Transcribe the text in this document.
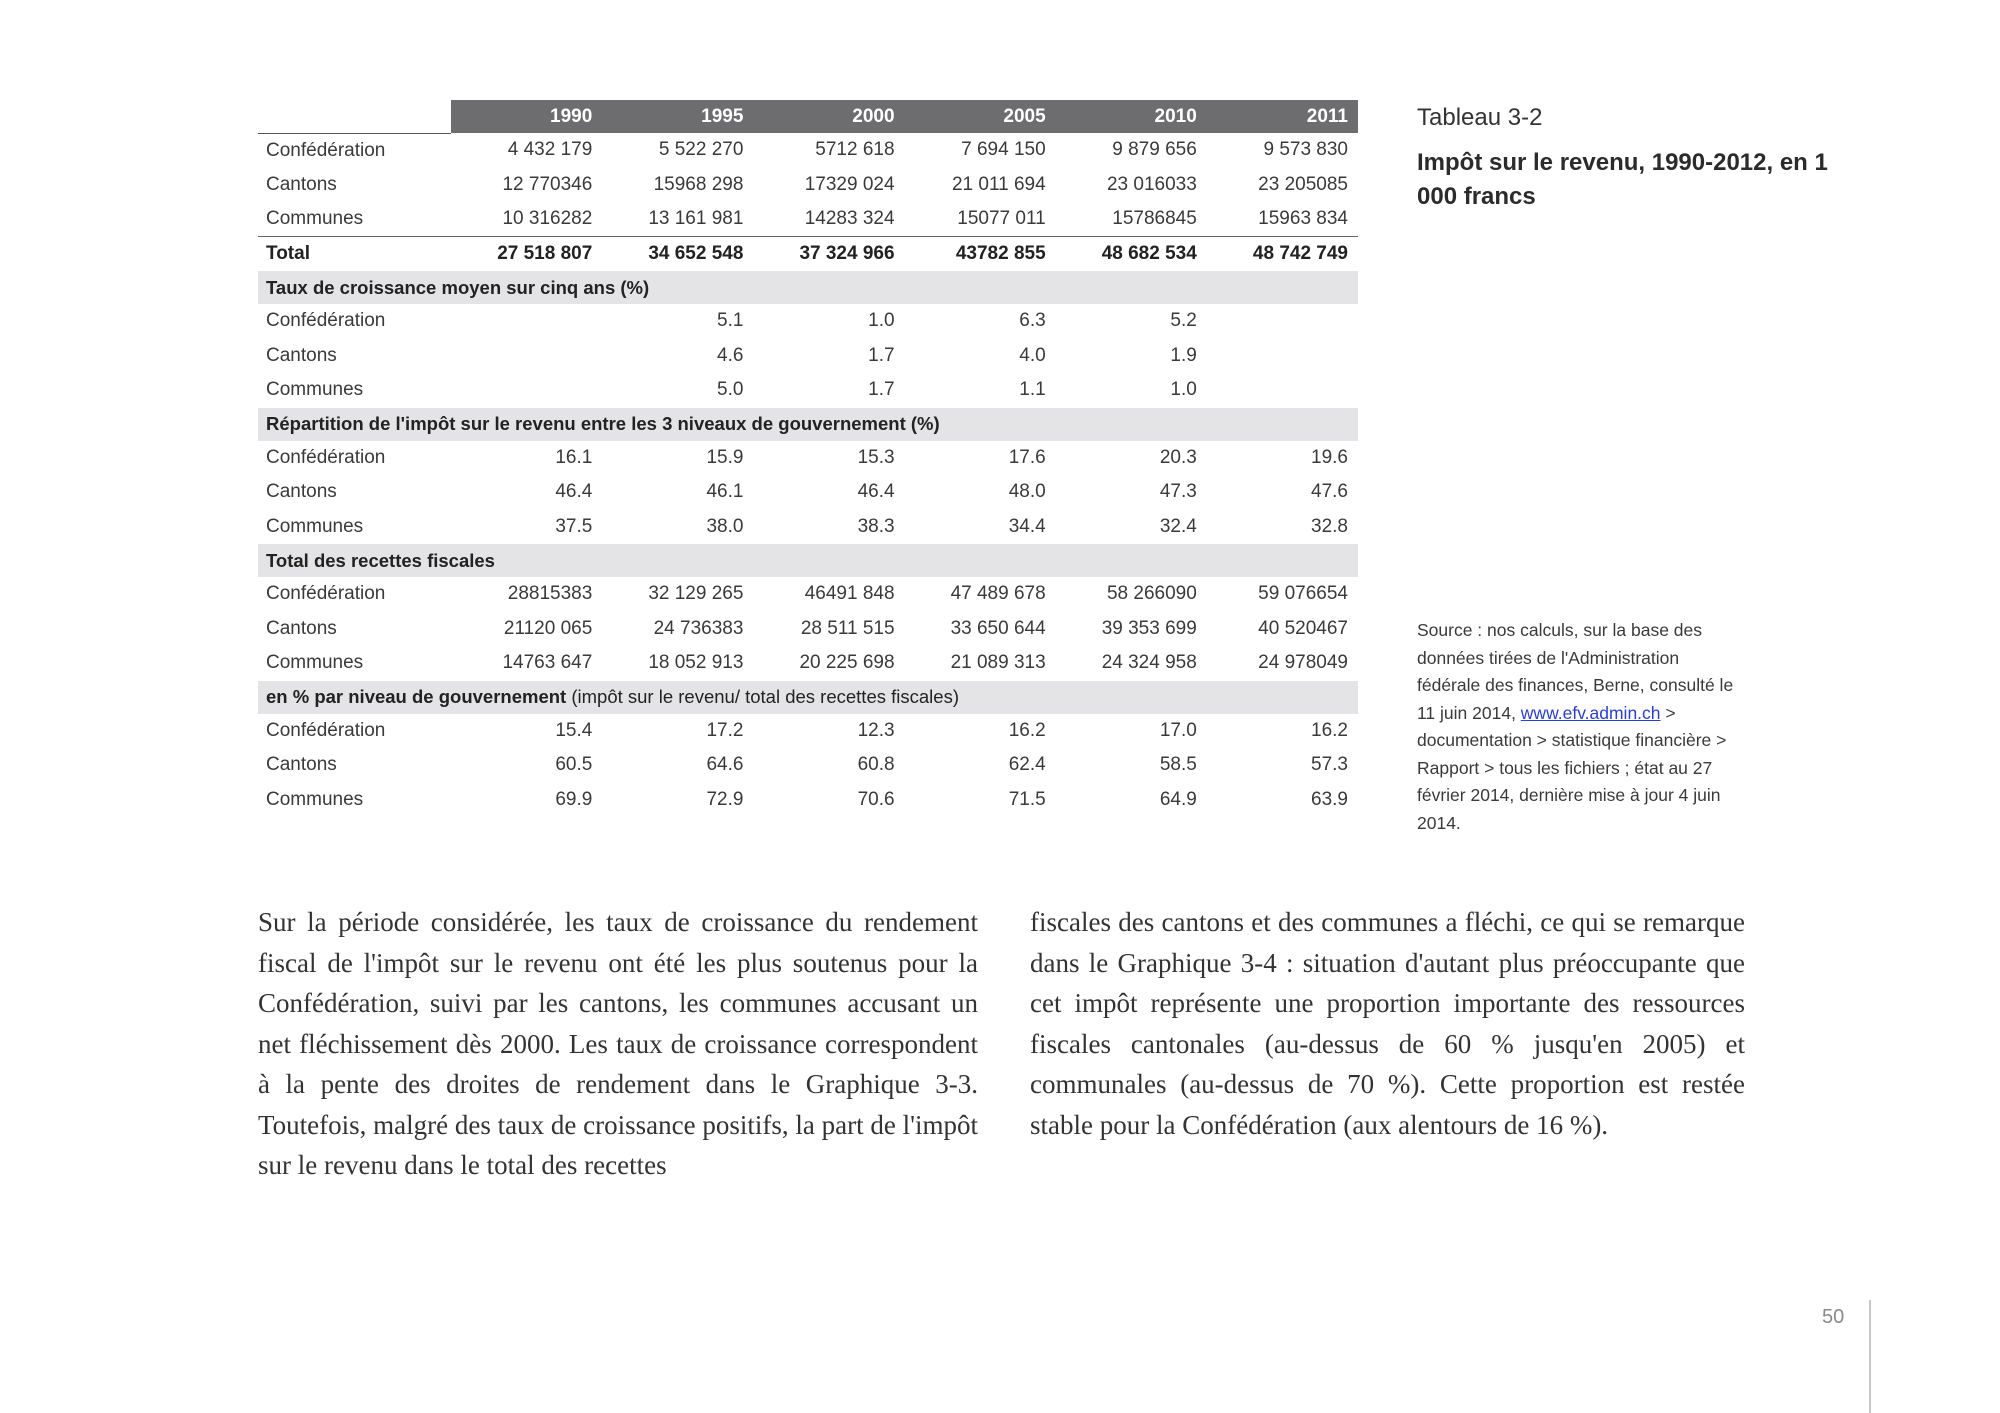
	1990	1995	2000	2005	2010	2011
Confédération	4 432 179	5 522 270	5712 618	7 694 150	9 879 656	9 573 830
Cantons	12 770346	15968 298	17329 024	21 011 694	23 016033	23 205085
Communes	10 316282	13 161 981	14283 324	15077 011	15786845	15963 834
Total	27 518 807	34 652 548	37 324 966	43782 855	48 682 534	48 742 749
Taux de croissance moyen sur cinq ans (%)						
Confédération		5.1	1.0	6.3	5.2	
Cantons		4.6	1.7	4.0	1.9	
Communes		5.0	1.7	1.1	1.0	
Répartition de l'impôt sur le revenu entre les 3 niveaux de gouvernement (%)						
Confédération	16.1	15.9	15.3	17.6	20.3	19.6
Cantons	46.4	46.1	46.4	48.0	47.3	47.6
Communes	37.5	38.0	38.3	34.4	32.4	32.8
Total des recettes fiscales						
Confédération	28815383	32 129 265	46491 848	47 489 678	58 266090	59 076654
Cantons	21120 065	24 736383	28 511 515	33 650 644	39 353 699	40 520467
Communes	14763 647	18 052 913	20 225 698	21 089 313	24 324 958	24 978049
en % par niveau de gouvernement (impôt sur le revenu/ total des recettes fiscales)						
Confédération	15.4	17.2	12.3	16.2	17.0	16.2
Cantons	60.5	64.6	60.8	62.4	58.5	57.3
Communes	69.9	72.9	70.6	71.5	64.9	63.9
Tableau 3-2
Impôt sur le revenu, 1990-2012, en 1 000 francs
Source : nos calculs, sur la base des données tirées de l'Administration fédérale des finances, Berne, consulté le 11 juin 2014, www.efv.admin.ch > documentation > statistique financière > Rapport > tous les fichiers ; état au 27 février 2014, dernière mise à jour 4 juin 2014.
Sur la période considérée, les taux de croissance du rendement fiscal de l'impôt sur le revenu ont été les plus soutenus pour la Confédération, suivi par les cantons, les communes accusant un net fléchissement dès 2000. Les taux de croissance correspondent à la pente des droites de rendement dans le Graphique 3-3. Toutefois, malgré des taux de croissance positifs, la part de l'impôt sur le revenu dans le total des recettes
fiscales des cantons et des communes a fléchi, ce qui se remarque dans le Graphique 3-4 : situation d'autant plus préoccupante que cet impôt représente une proportion importante des ressources fiscales cantonales (au-dessus de 60 % jusqu'en 2005) et communales (au-dessus de 70 %). Cette proportion est restée stable pour la Confédération (aux alentours de 16 %).
50
